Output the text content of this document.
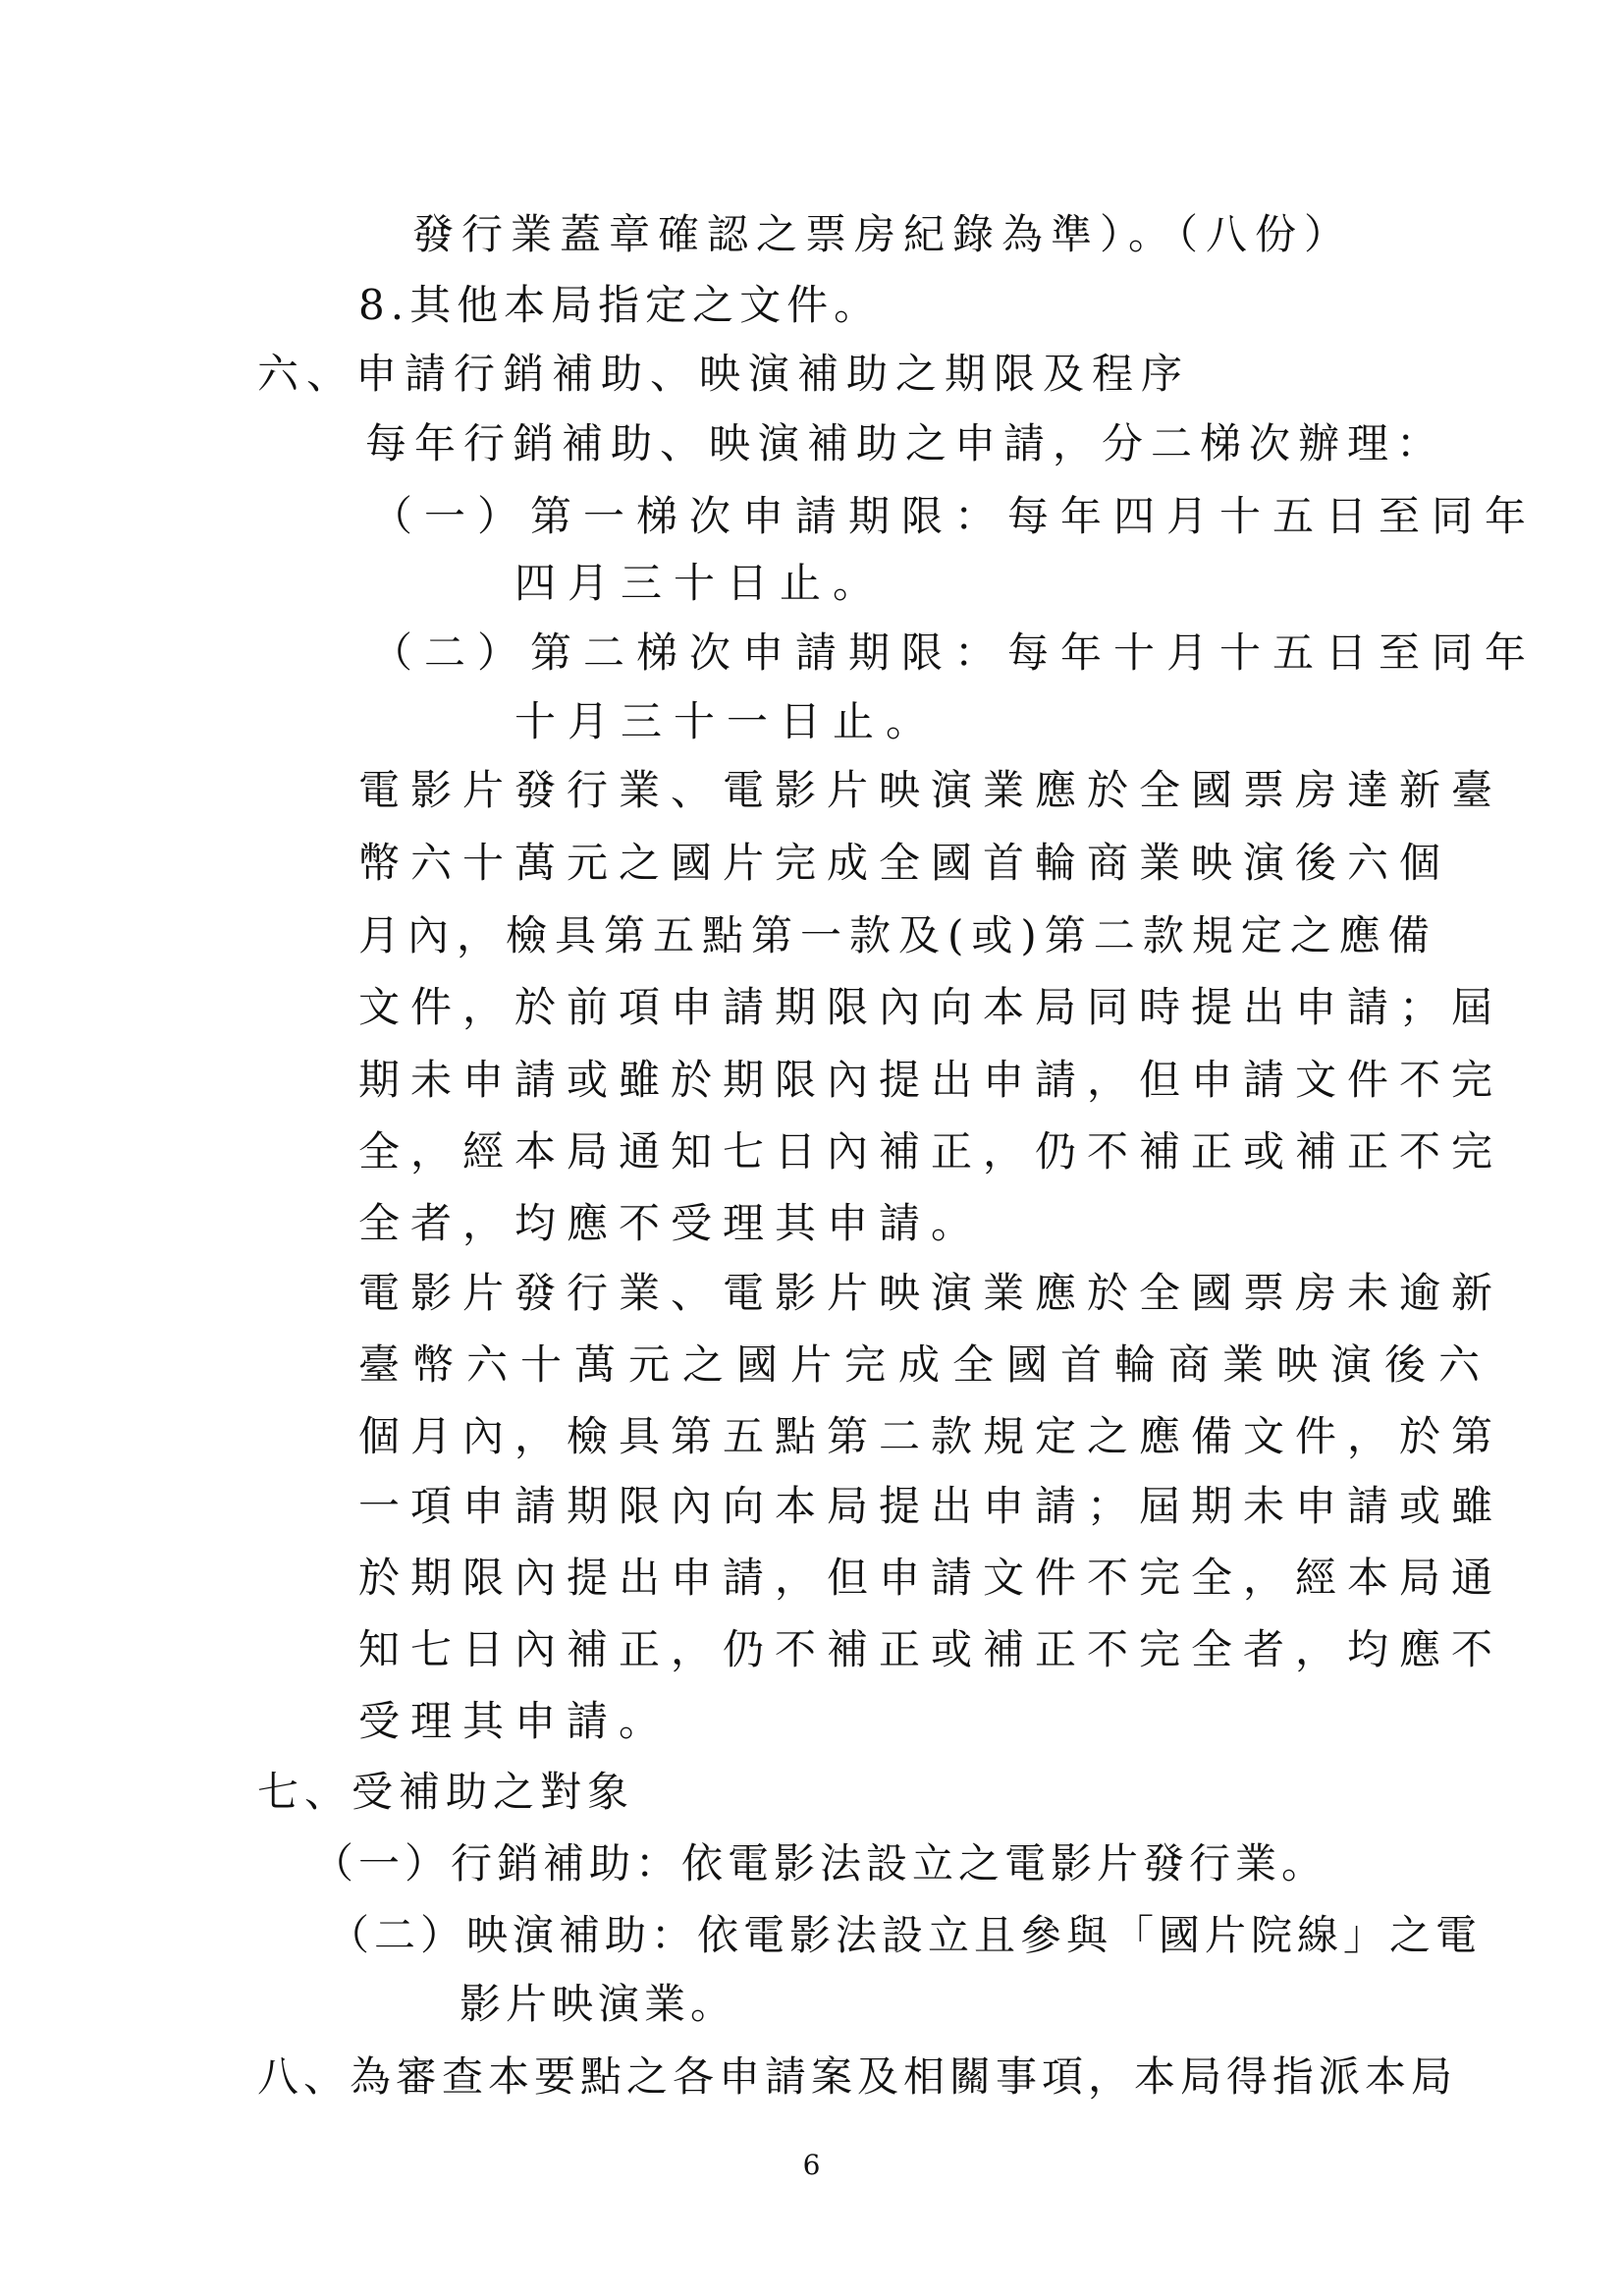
發行業蓋章確認之票房紀錄為準）。（八份）
8.其他本局指定之文件。
六、申請行銷補助、映演補助之期限及程序
每年行銷補助、映演補助之申請，分二梯次辦理：
（一）第一梯次申請期限：每年四月十五日至同年
四月三十日止。
（二）第二梯次申請期限：每年十月十五日至同年
十月三十一日止。
電影片發行業、電影片映演業應於全國票房達新臺
幣六十萬元之國片完成全國首輪商業映演後六個
月內，檢具第五點第一款及(或)第二款規定之應備
文件，於前項申請期限內向本局同時提出申請；屆
期未申請或雖於期限內提出申請，但申請文件不完
全，經本局通知七日內補正，仍不補正或補正不完
全者，均應不受理其申請。
電影片發行業、電影片映演業應於全國票房未逾新
臺幣六十萬元之國片完成全國首輪商業映演後六
個月內，檢具第五點第二款規定之應備文件，於第
一項申請期限內向本局提出申請；屆期未申請或雖
於期限內提出申請，但申請文件不完全，經本局通
知七日內補正，仍不補正或補正不完全者，均應不
受理其申請。
七、受補助之對象
（一）行銷補助：依電影法設立之電影片發行業。
（二）映演補助：依電影法設立且參與「國片院線」之電
影片映演業。
八、為審查本要點之各申請案及相關事項，本局得指派本局
6
